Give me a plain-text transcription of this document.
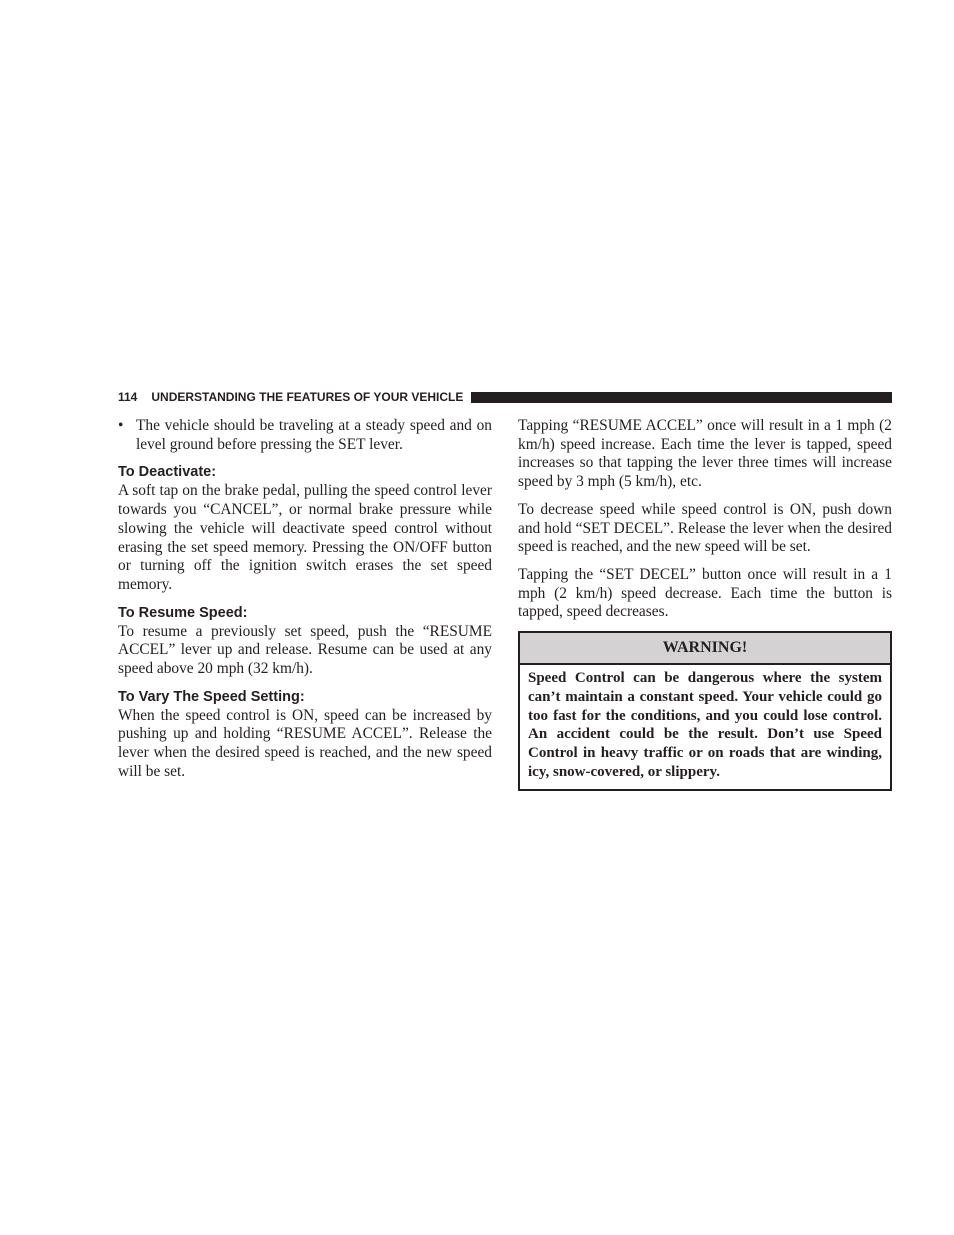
114 UNDERSTANDING THE FEATURES OF YOUR VEHICLE
• The vehicle should be traveling at a steady speed and on level ground before pressing the SET lever.
To Deactivate:

A soft tap on the brake pedal, pulling the speed control lever towards you “CANCEL”, or normal brake pressure while slowing the vehicle will deactivate speed control without erasing the set speed memory. Pressing the ON/OFF button or turning off the ignition switch erases the set speed memory.

To Resume Speed:

To resume a previously set speed, push the “RESUME ACCEL” lever up and release. Resume can be used at any speed above 20 mph (32 km/h).

To Vary The Speed Setting:

When the speed control is ON, speed can be increased by pushing up and holding “RESUME ACCEL”. Release the lever when the desired speed is reached, and the new speed will be set.

Tapping “RESUME ACCEL” once will result in a 1 mph (2 km/h) speed increase. Each time the lever is tapped, speed increases so that tapping the lever three times will increase speed by 3 mph (5 km/h), etc.

To decrease speed while speed control is ON, push down and hold “SET DECEL”. Release the lever when the desired speed is reached, and the new speed will be set.

Tapping the “SET DECEL” button once will result in a 1 mph (2 km/h) speed decrease. Each time the button is tapped, speed decreases.

WARNING!
Speed Control can be dangerous where the system can’t maintain a constant speed. Your vehicle could go too fast for the conditions, and you could lose control. An accident could be the result. Don’t use Speed Control in heavy traffic or on roads that are winding, icy, snow-covered, or slippery.
